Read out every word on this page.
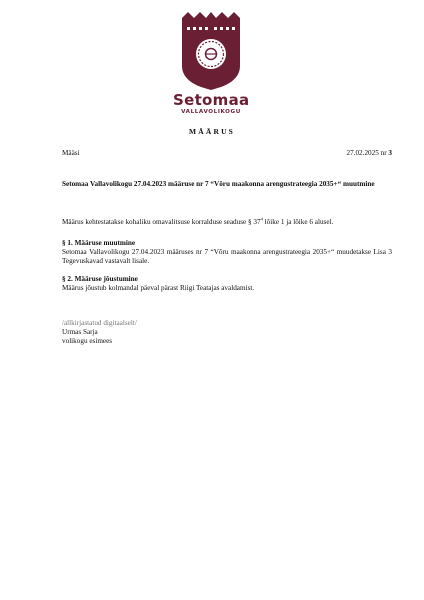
Setomaa
VALLAVOLIKOGU
MÄÄRUS
Määsi	27.02.2025 nr 3
Setomaa Vallavolikogu 27.04.2023 määruse nr 7 “Võru maakonna arengustrateegia 2035+“ muutmine
Määrus kehtestatakse kohaliku omavalitsuse korralduse seaduse § $37^4$ lõike 1 ja lõike 6 alusel.
§ 1. Määruse muutmine
Setomaa Vallavolikogu 27.04.2023 määruses nr 7 “Võru maakonna arengustrateegia 2035+“ muudetakse Lisa 3 Tegevuskavad vastavalt lisale.
§ 2. Määruse jõustumine
Määrus jõustub kolmandal päeval pärast Riigi Teatajas avaldamist.
/allkirjastatud digitaalselt/
Urmas Sarja
volikogu esimees
